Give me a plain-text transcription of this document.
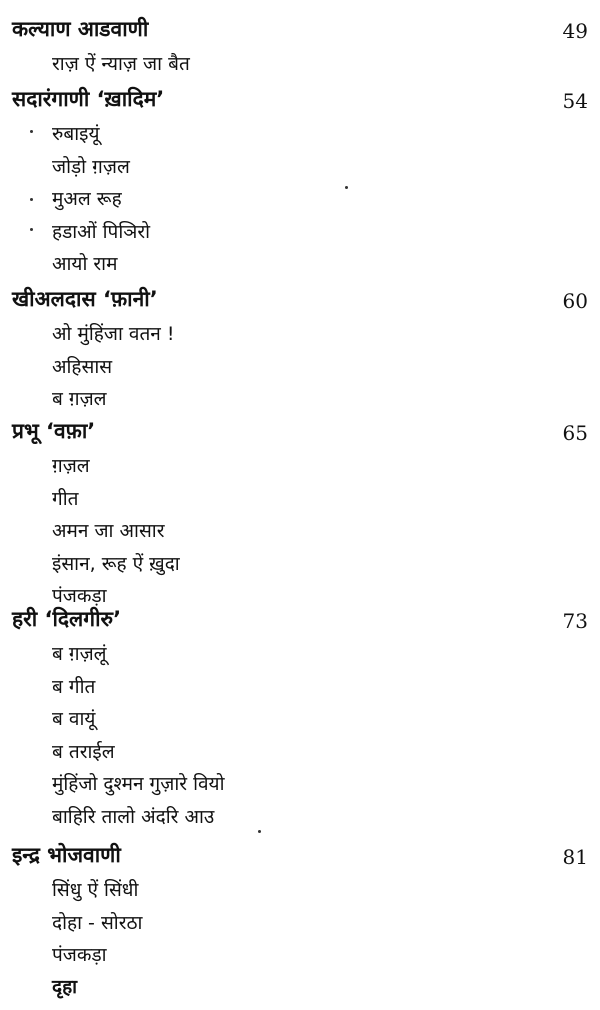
कल्याण आडवाणी	49
राज़ ऐं न्याज़ जा बैत
सदारंगाणी ‘ख़ादिम’	54
रुबाइयूं
जोड़ो ग़ज़ल
मुअल रूह
हडाओं पिञिरो
आयो राम
खीअलदास ‘फ़ानी’	60
ओ मुंहिंजा वतन !
अहिसास
ब ग़ज़ल
प्रभू ‘वफ़ा’	65
ग़ज़ल
गीत
अमन जा आसार
इंसान, रूह ऐं ख़ुदा
पंजकड़ा
हरी ‘दिलगीरु’	73
ब ग़ज़लूं
ब गीत
ब वायूं
ब तराईल
मुंहिंजो दुश्मन गुज़ारे वियो
बाहिरि तालो अंदरि आउ
इन्द्र भोजवाणी	81
सिंधु ऐं सिंधी
दोहा - सोरठा
पंजकड़ा
दृहा
